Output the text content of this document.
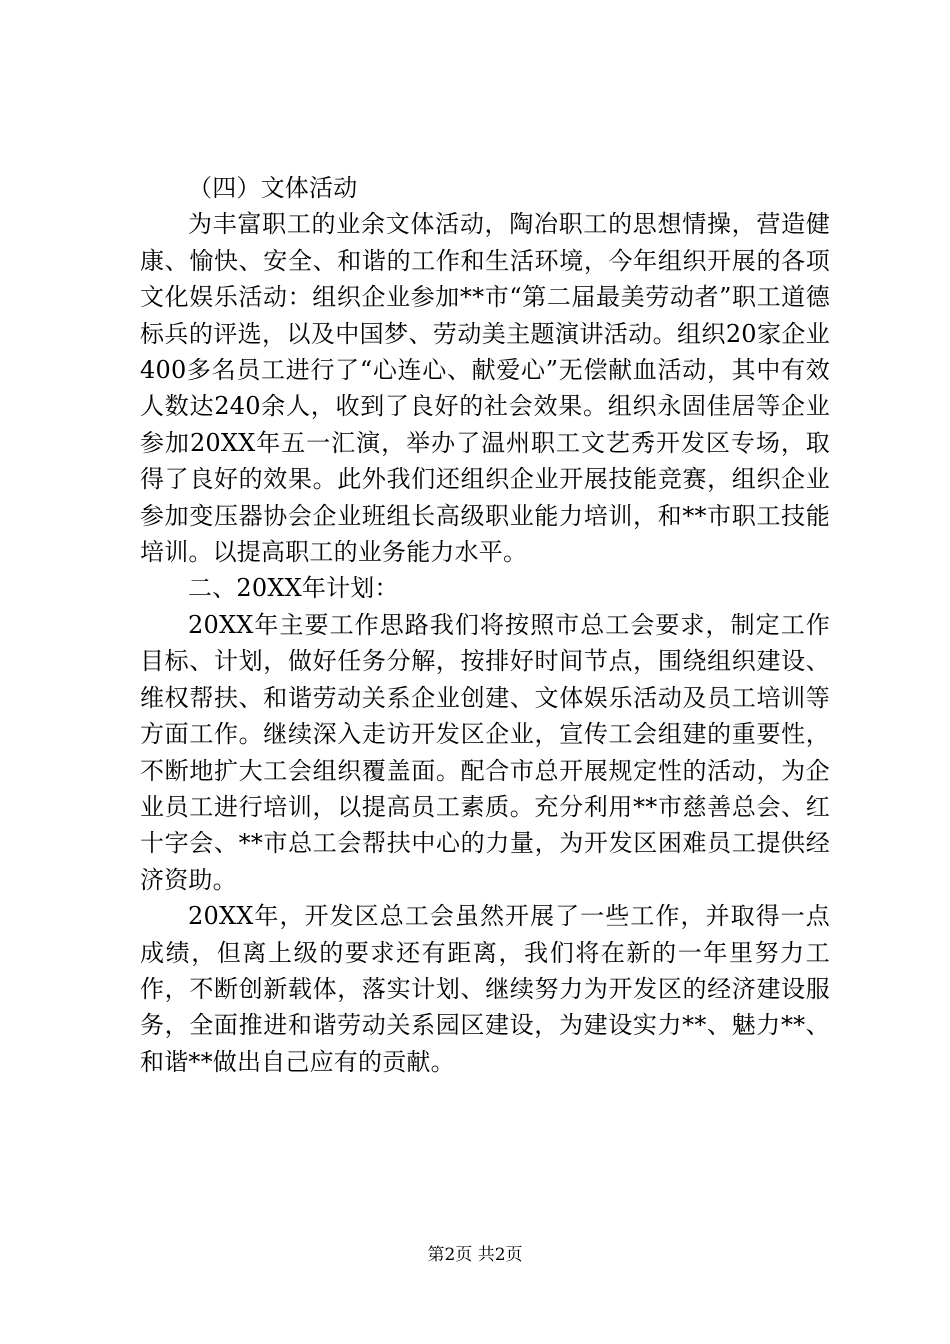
（四）文体活动

为丰富职工的业余文体活动，陶冶职工的思想情操，营造健康、愉快、安全、和谐的工作和生活环境，今年组织开展的各项文化娱乐活动：组织企业参加**市“第二届最美劳动者”职工道德标兵的评选，以及中国梦、劳动美主题演讲活动。组织20家企业400多名员工进行了“心连心、献爱心”无偿献血活动，其中有效人数达240余人，收到了良好的社会效果。组织永固佳居等企业参加20XX年五一汇演，举办了温州职工文艺秀开发区专场，取得了良好的效果。此外我们还组织企业开展技能竞赛，组织企业参加变压器协会企业班组长高级职业能力培训，和**市职工技能培训。以提高职工的业务能力水平。

二、20XX年计划：

20XX年主要工作思路我们将按照市总工会要求，制定工作目标、计划，做好任务分解，按排好时间节点，围绕组织建设、维权帮扶、和谐劳动关系企业创建、文体娱乐活动及员工培训等方面工作。继续深入走访开发区企业，宣传工会组建的重要性，不断地扩大工会组织覆盖面。配合市总开展规定性的活动，为企业员工进行培训，以提高员工素质。充分利用**市慈善总会、红十字会、**市总工会帮扶中心的力量，为开发区困难员工提供经济资助。

20XX年，开发区总工会虽然开展了一些工作，并取得一点成绩，但离上级的要求还有距离，我们将在新的一年里努力工作，不断创新载体，落实计划、继续努力为开发区的经济建设服务，全面推进和谐劳动关系园区建设，为建设实力**、魅力**、和谐**做出自己应有的贡献。

第2页 共2页
